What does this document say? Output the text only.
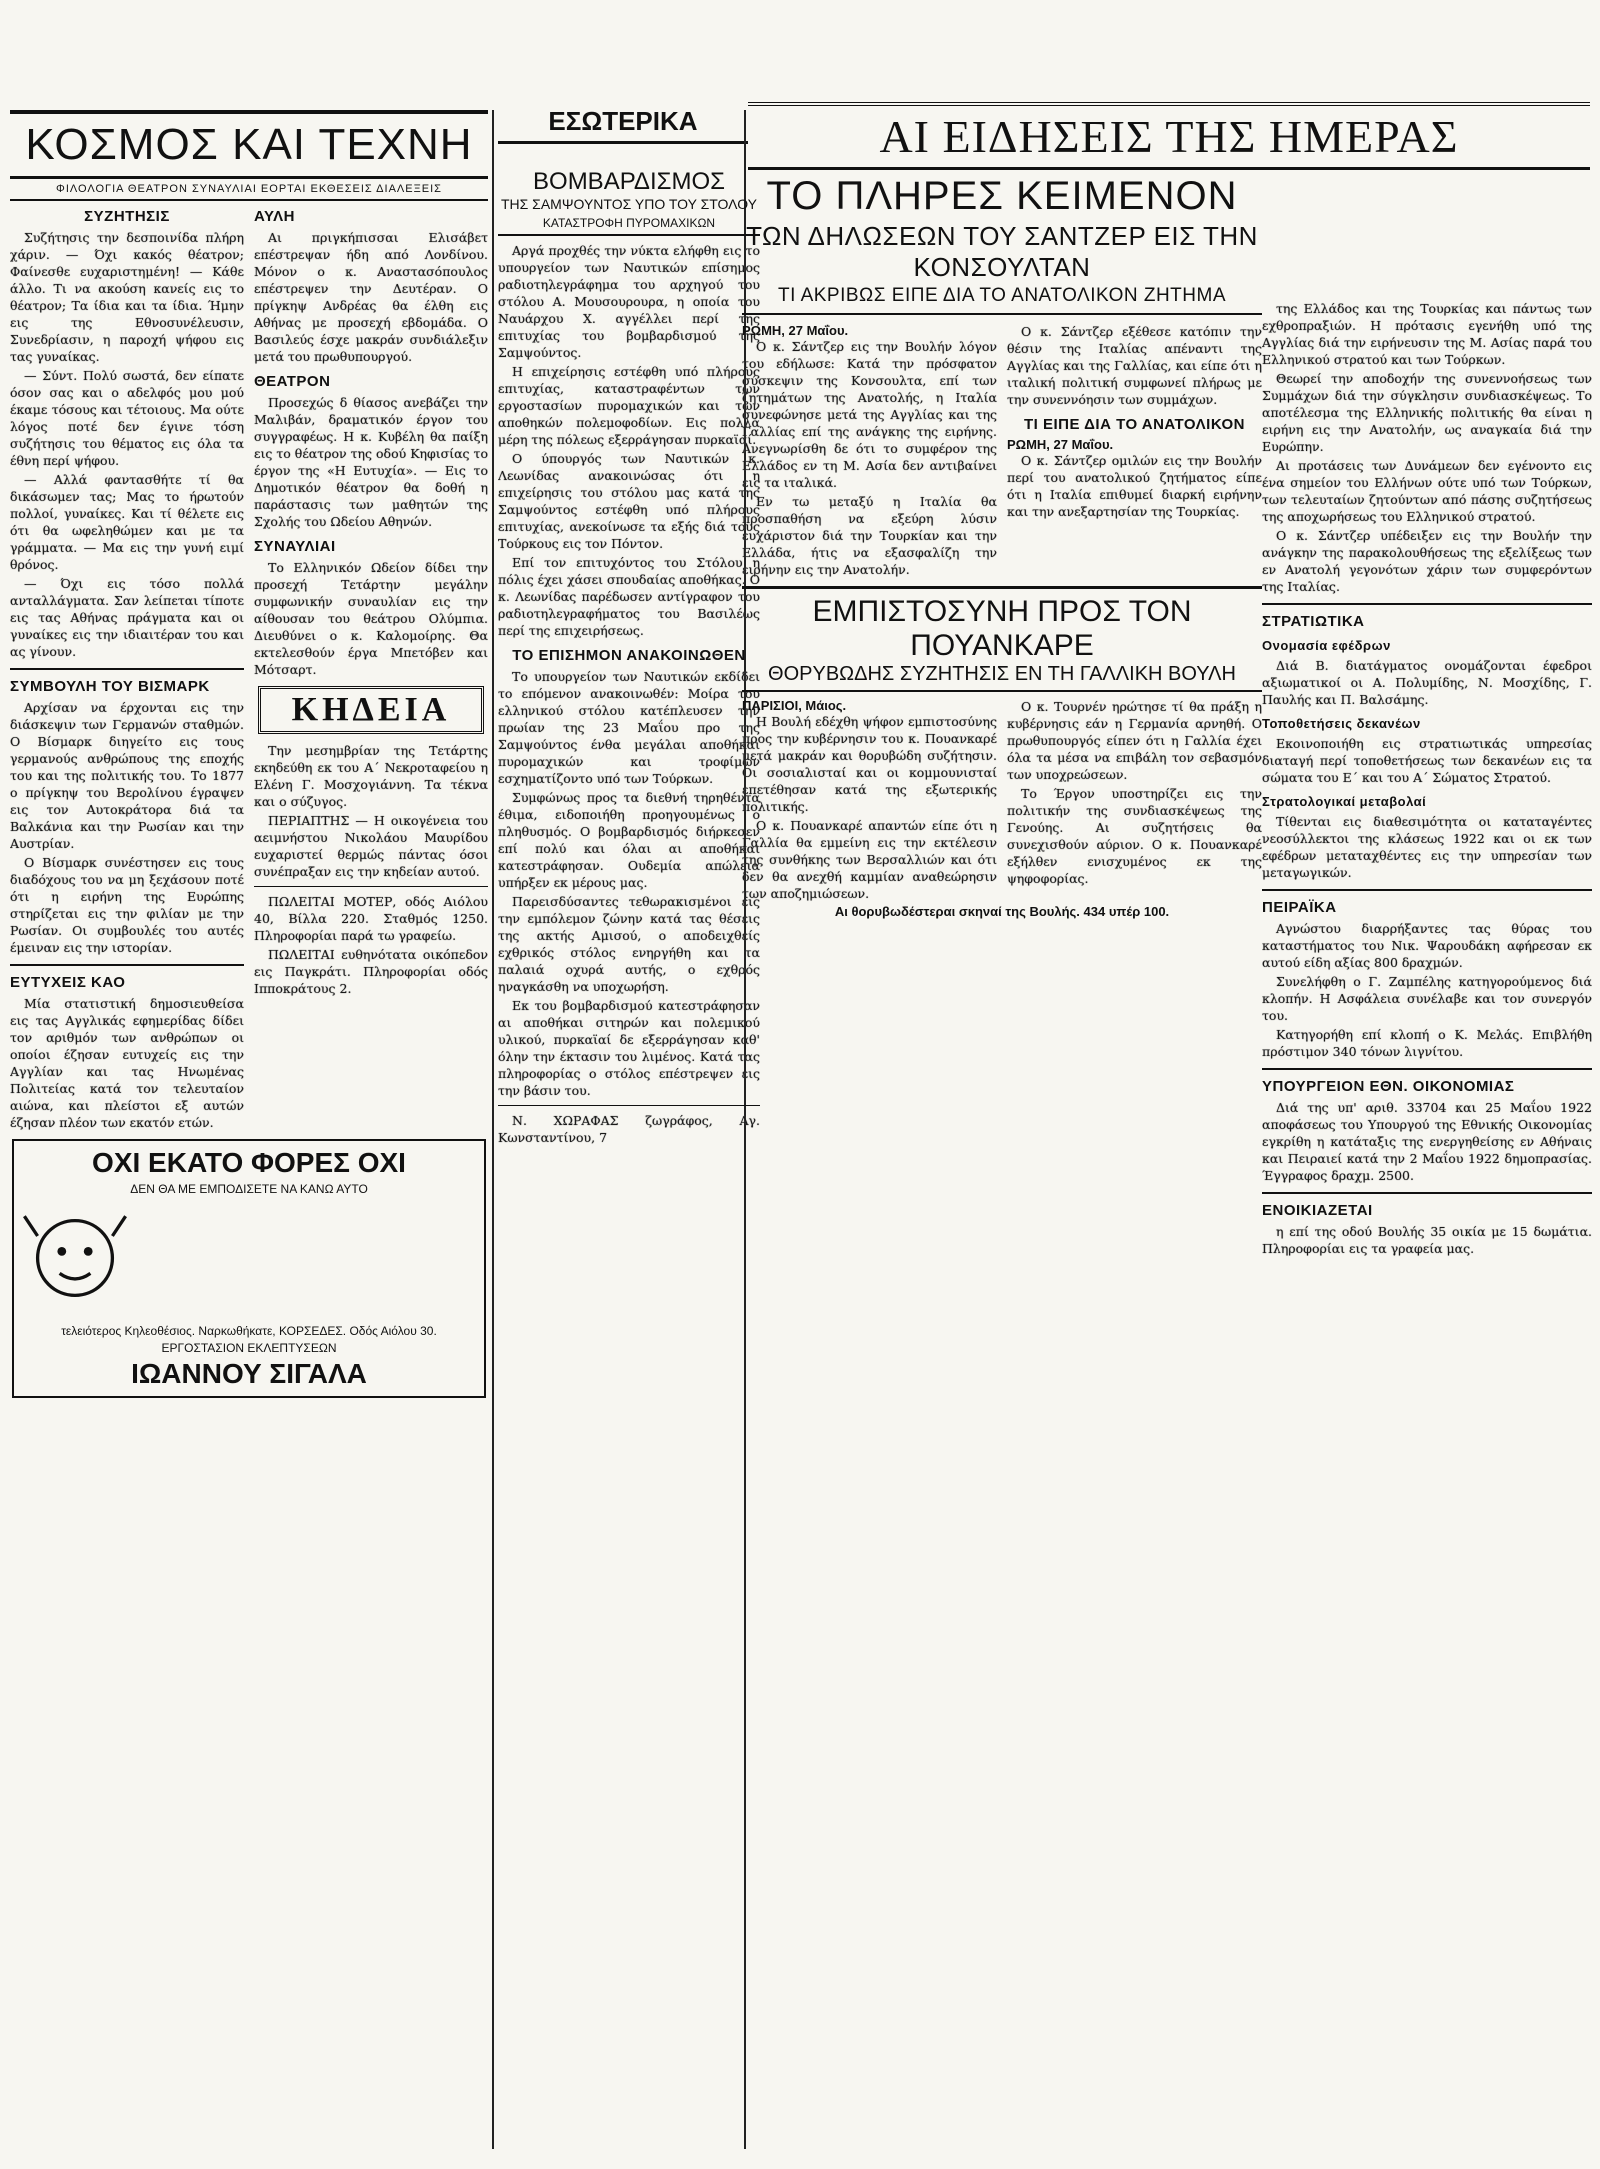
ΚΟΣΜΟΣ ΚΑΙ ΤΕΧΝΗ
ΦΙΛΟΛΟΓΙΑ ΘΕΑΤΡΟΝ ΣΥΝΑΥΛΙΑΙ ΕΟΡΤΑΙ ΕΚΘΕΣΕΙΣ ΔΙΑΛΕΞΕΙΣ
ΕΣΩΤΕΡΙΚΑ	ΑΙ ΕΙΔΗΣΕΙΣ ΤΗΣ ΗΜΕΡΑΣ
ΣΥΖΗΤΗΣΙΣ

Συζήτησις την δεσποινίδα πλήρη χάριν. — Όχι κακός θέατρον; Φαίνεσθε ευχαριστημένη! — Κάθε άλλο. Τι να ακούση κανείς εις το θέατρον; Τα ίδια και τα ίδια. Ήμην εις της Εθνοσυνέλευσιν, Συνεδρίασιν, η παροχή ψήφου εις τας γυναίκας.

— Σύντ. Πολύ σωστά, δεν είπατε όσον σας και ο αδελφός μου μού έκαμε τόσους και τέτοιους. Μα ούτε λόγος ποτέ δεν έγινε τόση συζήτησις του θέματος εις όλα τα έθνη περί ψήφου.

— Αλλά φαντασθήτε τί θα δικάσωμεν τας; Μας το ήρωτούν πολλοί, γυναίκες. Και τί θέλετε εις ότι θα ωφεληθώμεν και με τα γράμματα. — Μα εις την γυνή ειμί θρόνος.

— Όχι εις τόσο πολλά ανταλλάγματα. Σαν λείπεται τίποτε εις τας Αθήνας πράγματα και οι γυναίκες εις την ιδιαιτέραν του και ας γίνουν.

ΣΥΜΒΟΥΛΗ ΤΟΥ ΒΙΣΜΑΡΚ

Αρχίσαν να έρχονται εις την διάσκεψιν των Γερμανών σταθμών. Ο Βίσμαρκ διηγείτο εις τους γερμανούς ανθρώπους της εποχής του και της πολιτικής του. Το 1877 ο πρίγκηψ του Βερολίνου έγραψεν εις τον Αυτοκράτορα διά τα Βαλκάνια και την Ρωσίαν και την Αυστρίαν.

Ο Βίσμαρκ συνέστησεν εις τους διαδόχους του να μη ξεχάσουν ποτέ ότι η ειρήνη της Ευρώπης στηρίζεται εις την φιλίαν με την Ρωσίαν. Οι συμβουλές του αυτές έμειναν εις την ιστορίαν.

ΕΥΤΥΧΕΙΣ ΚΑΟ

Μία στατιστική δημοσιευθείσα εις τας Αγγλικάς εφημερίδας δίδει τον αριθμόν των ανθρώπων οι οποίοι έζησαν ευτυχείς εις την Αγγλίαν και τας Ηνωμένας Πολιτείας κατά τον τελευταίον αιώνα, και πλείστοι εξ αυτών έζησαν πλέον των εκατόν ετών.

ΑΥΛΗ

Αι πριγκήπισσαι Ελισάβετ επέστρεψαν ήδη από Λονδίνου. Μόνον ο κ. Αναστασόπουλος επέστρεψεν την Δευτέραν. Ο πρίγκηψ Ανδρέας θα έλθη εις Αθήνας με προσεχή εβδομάδα. Ο Βασιλεύς έσχε μακράν συνδιάλεξιν μετά του πρωθυπουργού.

ΘΕΑΤΡΟΝ

Προσεχώς δ θίασος ανεβάζει την Μαλιβάν, δραματικόν έργον του συγγραφέως. Η κ. Κυβέλη θα παίξη εις το θέατρον της οδού Κηφισίας το έργον της «Η Ευτυχία». — Εις το Δημοτικόν θέατρον θα δοθή η παράστασις των μαθητών της Σχολής του Ωδείου Αθηνών.

ΣΥΝΑΥΛΙΑΙ

Το Ελληνικόν Ωδείον δίδει την προσεχή Τετάρτην μεγάλην συμφωνικήν συναυλίαν εις την αίθουσαν του θεάτρου Ολύμπια. Διευθύνει ο κ. Καλομοίρης. Θα εκτελεσθούν έργα Μπετόβεν και Μότσαρτ.

ΚΗΔΕΙΑ

Την μεσημβρίαν της Τετάρτης εκηδεύθη εκ του Α΄ Νεκροταφείου η Ελένη Γ. Μοσχογιάννη. Τα τέκνα και ο σύζυγος.

ΠΕΡΙΑΠΤΗΣ — Η οικογένεια του αειμνήστου Νικολάου Μαυρίδου ευχαριστεί θερμώς πάντας όσοι συνέπραξαν εις την κηδείαν αυτού.

ΠΩΛΕΙΤΑΙ ΜΟΤΕΡ, οδός Αιόλου 40, Βίλλα 220. Σταθμός 1250. Πληροφορίαι παρά τω γραφείω.

ΠΩΛΕΙΤΑΙ ευθηνότατα οικόπεδον εις Παγκράτι. Πληροφορίαι οδός Ιπποκράτους 2.

ΟΧΙ ΕΚΑΤΟ ΦΟΡΕΣ ΟΧΙ
ΔΕΝ ΘΑ ΜΕ ΕΜΠΟΔΙΣΕΤΕ ΝΑ ΚΑΝΩ ΑΥΤΟ
τελειότερος Κηλεοθέσιος. Ναρκωθήκατε, ΚΟΡΣΕΔΕΣ. Οδός Αιόλου 30.
ΕΡΓΟΣΤΑΣΙΟΝ ΕΚΛΕΠΤΥΣΕΩΝ
ΙΩΑΝΝΟΥ ΣΙΓΑΛΑ
ΒΟΜΒΑΡΔΙΣΜΟΣ
ΤΗΣ ΣΑΜΨΟΥΝΤΟΣ ΥΠΟ ΤΟΥ ΣΤΟΛΟΥ
ΚΑΤΑΣΤΡΟΦΗ ΠΥΡΟΜΑΧΙΚΩΝ

Αργά προχθές την νύκτα ελήφθη εις το υπουργείον των Ναυτικών επίσημος ραδιοτηλεγράφημα του αρχηγού του στόλου Α. Μουσουρουρα, η οποία του Ναυάρχου Χ. αγγέλλει περί της επιτυχίας του βομβαρδισμού της Σαμψούντος.

Η επιχείρησις εστέφθη υπό πλήρους επιτυχίας, καταστραφέντων των εργοστασίων πυρομαχικών και των αποθηκών πολεμοφοδίων. Εις πολλά μέρη της πόλεως εξερράγησαν πυρκαϊαί.

Ο ύπουργός των Ναυτικών κ. Λεωνίδας ανακοινώσας ότι η επιχείρησις του στόλου μας κατά της Σαμψούντος εστέφθη υπό πλήρους επιτυχίας, ανεκοίνωσε τα εξής διά τους Τούρκους εις τον Πόντον.

Επί τον επιτυχόντος του Στόλου η πόλις έχει χάσει σπουδαίας αποθήκας. Ο κ. Λεωνίδας παρέδωσεν αντίγραφον του ραδιοτηλεγραφήματος του Βασιλέως περί της επιχειρήσεως.

ΤΟ ΕΠΙΣΗΜΟΝ ΑΝΑΚΟΙΝΩΘΕΝ

Το υπουργείον των Ναυτικών εκδίδει το επόμενον ανακοινωθέν: Μοίρα του ελληνικού στόλου κατέπλευσεν την πρωίαν της 23 Μαΐου προ της Σαμψούντος ένθα μεγάλαι αποθήκαι πυρομαχικών και τροφίμων εσχηματίζοντο υπό των Τούρκων.

Συμφώνως προς τα διεθνή τηρηθέντα έθιμα, ειδοποιήθη προηγουμένως ο πληθυσμός. Ο βομβαρδισμός διήρκεσεν επί πολύ και όλαι αι αποθήκαι κατεστράφησαν. Ουδεμία απώλεια υπήρξεν εκ μέρους μας.

Παρεισδύσαντες τεθωρακισμένοι εις την εμπόλεμον ζώνην κατά τας θέσεις της ακτής Αμισού, ο αποδειχθείς εχθρικός στόλος ενηργήθη και τα παλαιά οχυρά αυτής, ο εχθρός ηναγκάσθη να υποχωρήση.

Εκ του βομβαρδισμού κατεστράφησαν αι αποθήκαι σιτηρών και πολεμικού υλικού, πυρκαϊαί δε εξερράγησαν καθ' όλην την έκτασιν του λιμένος. Κατά τας πληροφορίας ο στόλος επέστρεψεν εις την βάσιν του.

Ν. ΧΩΡΑΦΑΣ ζωγράφος, Αγ. Κωνσταντίνου, 7

ΤΟ ΠΛΗΡΕΣ ΚΕΙΜΕΝΟΝ
ΤΩΝ ΔΗΛΩΣΕΩΝ ΤΟΥ ΣΑΝΤΖΕΡ ΕΙΣ ΤΗΝ ΚΟΝΣΟΥΛΤΑΝ
ΤΙ ΑΚΡΙΒΩΣ ΕΙΠΕ ΔΙΑ ΤΟ ΑΝΑΤΟΛΙΚΟΝ ΖΗΤΗΜΑ
ΡΩΜΗ, 27 Μαΐου.

Ο κ. Σάντζερ εις την Βουλήν λόγον του εδήλωσε: Κατά την πρόσφατον σύσκεψιν της Κονσουλτα, επί των ζητημάτων της Ανατολής, η Ιταλία συνεφώνησε μετά της Αγγλίας και της Γαλλίας επί της ανάγκης της ειρήνης. Ανεγνωρίσθη δε ότι το συμφέρον της Ελλάδος εν τη Μ. Ασία δεν αντιβαίνει εις τα ιταλικά.

Εν τω μεταξύ η Ιταλία θα προσπαθήση να εξεύρη λύσιν ευχάριστον διά την Τουρκίαν και την Ελλάδα, ήτις να εξασφαλίζη την ειρήνην εις την Ανατολήν.

Ο κ. Σάντζερ εξέθεσε κατόπιν την θέσιν της Ιταλίας απέναντι της Αγγλίας και της Γαλλίας, και είπε ότι η ιταλική πολιτική συμφωνεί πλήρως με την συνεννόησιν των συμμάχων.

ΤΙ ΕΙΠΕ ΔΙΑ ΤΟ ΑΝΑΤΟΛΙΚΟΝ
ΡΩΜΗ, 27 Μαΐου.

Ο κ. Σάντζερ ομιλών εις την Βουλήν περί του ανατολικού ζητήματος είπε ότι η Ιταλία επιθυμεί διαρκή ειρήνην και την ανεξαρτησίαν της Τουρκίας.

ΕΜΠΙΣΤΟΣΥΝΗ ΠΡΟΣ ΤΟΝ ΠΟΥΑΝΚΑΡΕ
ΘΟΡΥΒΩΔΗΣ ΣΥΖΗΤΗΣΙΣ ΕΝ ΤΗ ΓΑΛΛΙΚΗ ΒΟΥΛΗ
ΠΑΡΙΣΙΟΙ, Μάιος.

Η Βουλή εδέχθη ψήφον εμπιστοσύνης προς την κυβέρνησιν του κ. Πουανκαρέ μετά μακράν και θορυβώδη συζήτησιν. Οι σοσιαλισταί και οι κομμουνισταί επετέθησαν κατά της εξωτερικής πολιτικής.

Ο κ. Πουανκαρέ απαντών είπε ότι η Γαλλία θα εμμείνη εις την εκτέλεσιν της συνθήκης των Βερσαλλιών και ότι δεν θα ανεχθή καμμίαν αναθεώρησιν των αποζημιώσεων.

Ο κ. Τουρνέν ηρώτησε τί θα πράξη η κυβέρνησις εάν η Γερμανία αρνηθή. Ο πρωθυπουργός είπεν ότι η Γαλλία έχει όλα τα μέσα να επιβάλη τον σεβασμόν των υποχρεώσεων.

Το Έργον υποστηρίζει εις την πολιτικήν της συνδιασκέψεως της Γενούης. Αι συζητήσεις θα συνεχισθούν αύριον. Ο κ. Πουανκαρέ εξήλθεν ενισχυμένος εκ της ψηφοφορίας.

Αι θορυβωδέστεραι σκηναί της Βουλής. 434 υπέρ 100.

της Ελλάδος και της Τουρκίας και πάντως των εχθροπραξιών. Η πρότασις εγενήθη υπό της Αγγλίας διά την ειρήνευσιν της Μ. Ασίας παρά του Ελληνικού στρατού και των Τούρκων.

Θεωρεί την αποδοχήν της συνεννοήσεως των Συμμάχων διά την σύγκλησιν συνδιασκέψεως. Το αποτέλεσμα της Ελληνικής πολιτικής θα είναι η ειρήνη εις την Ανατολήν, ως αναγκαία διά την Ευρώπην.

Αι προτάσεις των Δυνάμεων δεν εγένοντο εις ένα σημείον του Ελλήνων ούτε υπό των Τούρκων, των τελευταίων ζητούντων από πάσης συζητήσεως της αποχωρήσεως του Ελληνικού στρατού.

Ο κ. Σάντζερ υπέδειξεν εις την Βουλήν την ανάγκην της παρακολουθήσεως της εξελίξεως των εν Ανατολή γεγονότων χάριν των συμφερόντων της Ιταλίας.

ΣΤΡΑΤΙΩΤΙΚΑ
Ονομασία εφέδρων

Διά Β. διατάγματος ονομάζονται έφεδροι αξιωματικοί οι Α. Πολυμίδης, Ν. Μοσχίδης, Γ. Παυλής και Π. Βαλσάμης.

Τοποθετήσεις δεκανέων

Εκοινοποιήθη εις στρατιωτικάς υπηρεσίας διαταγή περί τοποθετήσεως των δεκανέων εις τα σώματα του Ε΄ και του Α΄ Σώματος Στρατού.

Στρατολογικαί μεταβολαί

Τίθενται εις διαθεσιμότητα οι καταταγέντες νεοσύλλεκτοι της κλάσεως 1922 και οι εκ των εφέδρων μεταταχθέντες εις την υπηρεσίαν των μεταγωγικών.

ΠΕΙΡΑΪΚΑ

Αγνώστου διαρρήξαντες τας θύρας του καταστήματος του Νικ. Ψαρουδάκη αφήρεσαν εκ αυτού είδη αξίας 800 δραχμών.

Συνελήφθη ο Γ. Ζαμπέλης κατηγορούμενος διά κλοπήν. Η Ασφάλεια συνέλαβε και τον συνεργόν του.

Κατηγορήθη επί κλοπή ο Κ. Μελάς. Επιβλήθη πρόστιμον 340 τόνων λιγνίτου.

ΥΠΟΥΡΓΕΙΟΝ ΕΘΝ. ΟΙΚΟΝΟΜΙΑΣ

Διά της υπ' αριθ. 33704 και 25 Μαΐου 1922 αποφάσεως του Υπουργού της Εθνικής Οικονομίας εγκρίθη η κατάταξις της ενεργηθείσης εν Αθήναις και Πειραιεί κατά την 2 Μαΐου 1922 δημοπρασίας. Έγγραφος δραχμ. 2500.

ΕΝΟΙΚΙΑΖΕΤΑΙ

η επί της οδού Βουλής 35 οικία με 15 δωμάτια. Πληροφορίαι εις τα γραφεία μας.
